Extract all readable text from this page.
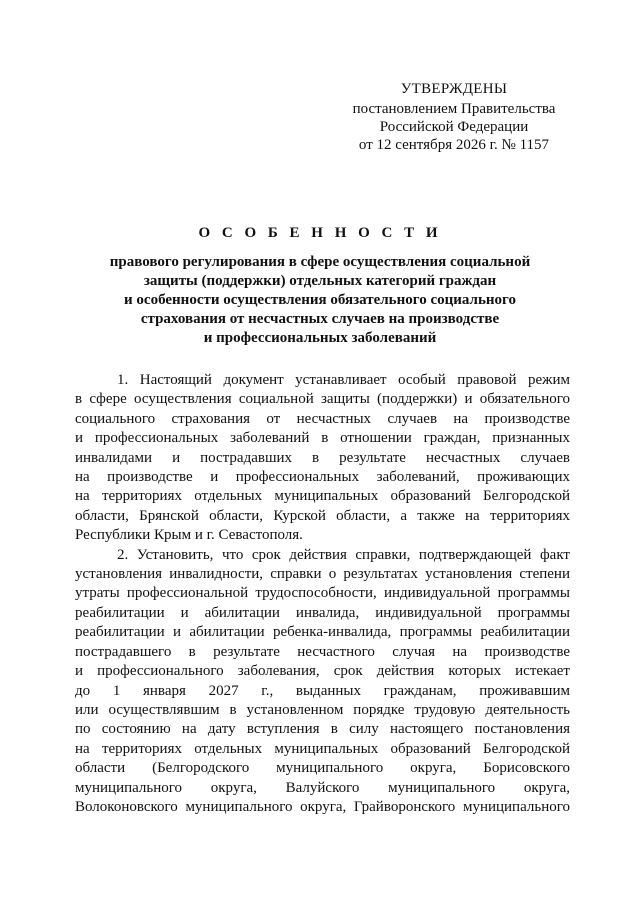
УТВЕРЖДЕНЫ
постановлением Правительства
Российской Федерации
от 12 сентября 2026 г. № 1157
О С О Б Е Н Н О С Т И
правового регулирования в сфере осуществления социальной
защиты (поддержки) отдельных категорий граждан
и особенности осуществления обязательного социального
страхования от несчастных случаев на производстве
и профессиональных заболеваний

1. Настоящий документ устанавливает особый правовой режим
в сфере осуществления социальной защиты (поддержки) и обязательного
социального страхования от несчастных случаев на производстве
и профессиональных заболеваний в отношении граждан, признанных
инвалидами и пострадавших в результате несчастных случаев
на производстве и профессиональных заболеваний, проживающих
на территориях отдельных муниципальных образований Белгородской
области, Брянской области, Курской области, а также на территориях
Республики Крым и г. Севастополя.

2. Установить, что срок действия справки, подтверждающей факт
установления инвалидности, справки о результатах установления степени
утраты профессиональной трудоспособности, индивидуальной программы
реабилитации и абилитации инвалида, индивидуальной программы
реабилитации и абилитации ребенка-инвалида, программы реабилитации
пострадавшего в результате несчастного случая на производстве
и профессионального заболевания, срок действия которых истекает
до 1 января 2027 г., выданных гражданам, проживавшим
или осуществлявшим в установленном порядке трудовую деятельность
по состоянию на дату вступления в силу настоящего постановления
на территориях отдельных муниципальных образований Белгородской
области (Белгородского муниципального округа, Борисовского
муниципального округа, Валуйского муниципального округа,
Волоконовского муниципального округа, Грайворонского муниципального
